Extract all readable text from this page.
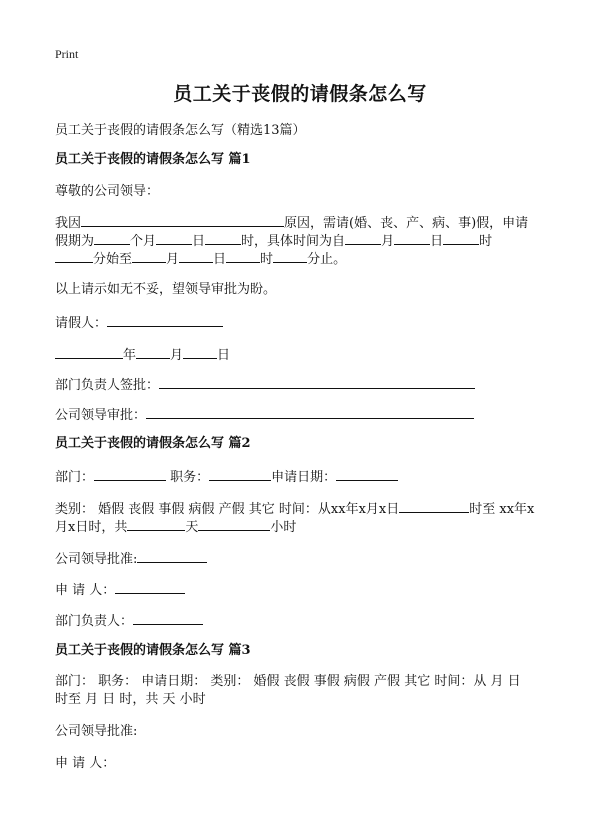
Print
员工关于丧假的请假条怎么写
员工关于丧假的请假条怎么写（精选13篇）
员工关于丧假的请假条怎么写 篇1
尊敬的公司领导：
我因	原因，需请(婚、丧、产、病、事)假，申请
假期为	个月	日	时，具体时间为自	月	日	时
分始至	月	日	时	分止。
以上请示如无不妥，望领导审批为盼。
请假人：
年	月	日
部门负责人签批：
公司领导审批：
员工关于丧假的请假条怎么写 篇2
部门：	职务：	申请日期：
类别： 婚假 丧假 事假 病假 产假 其它 时间：从xx年x月x日	时至 xx年x
月x日时，共	天	小时
公司领导批准:
申 请 人：
部门负责人：
员工关于丧假的请假条怎么写 篇3
部门： 职务： 申请日期： 类别： 婚假 丧假 事假 病假 产假 其它 时间：从 月 日
时至 月 日 时，共 天 小时
公司领导批准:
申 请 人：
